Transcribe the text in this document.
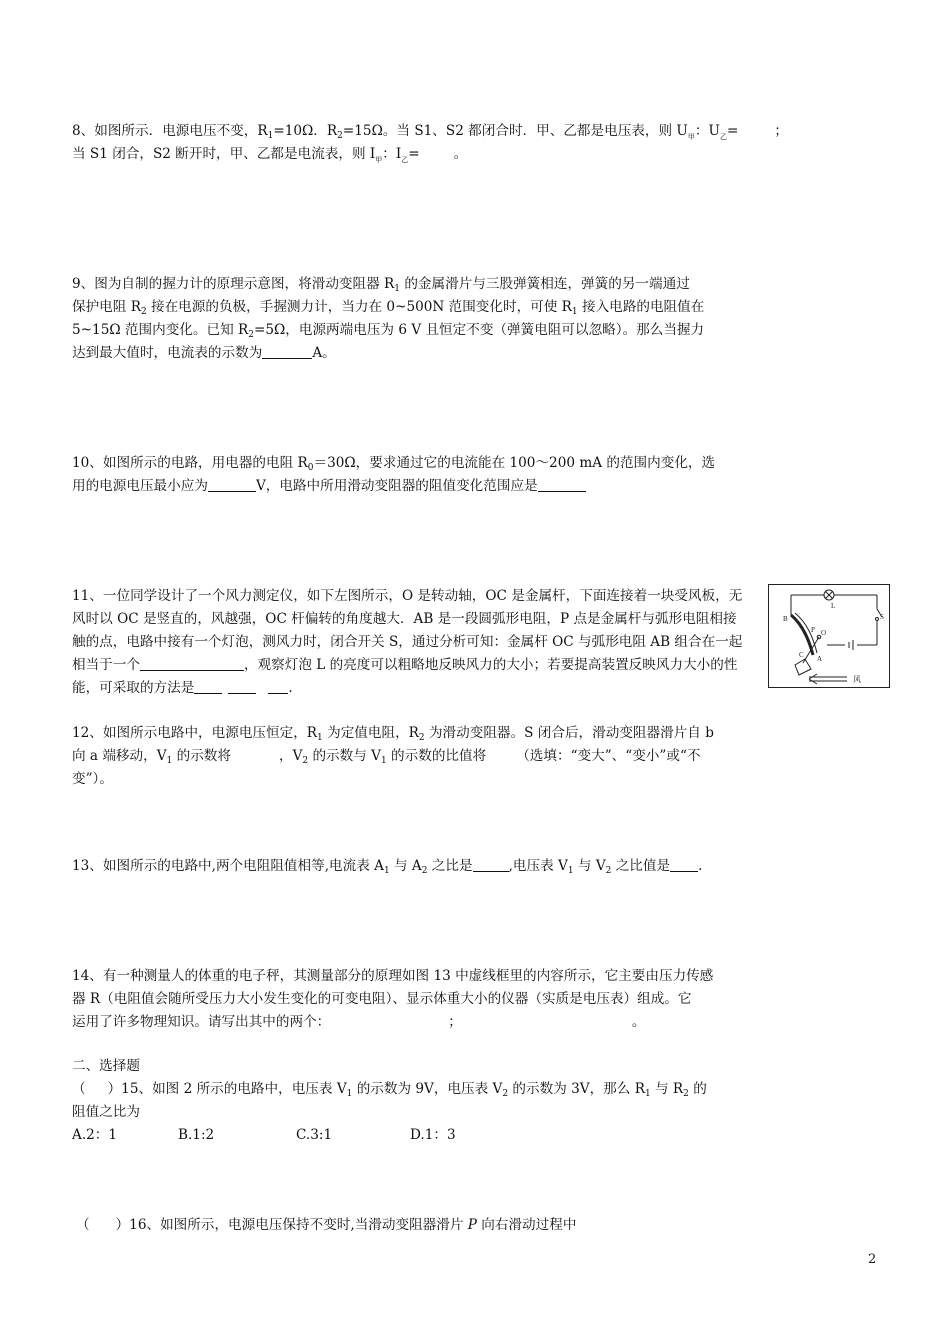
8、如图所示．电源电压不变，$R_1=10\Omega$．$R_2=15\Omega$。当 S1、S2 都闭合时．甲、乙都是电压表，则 $U_甲$：$U_乙=$	；

当 S1 闭合，S2 断开时，甲、乙都是电流表，则 $I_甲$：$I_乙=$	。

9、图为自制的握力计的原理示意图，将滑动变阻器 $R_1$ 的金属滑片与三股弹簧相连，弹簧的另一端通过

保护电阻 $R_2$ 接在电源的负极，手握测力计，当力在 0~500N 范围变化时，可使 $R_1$ 接入电路的电阻值在

5~15Ω 范围内变化。已知 $R_2=5\Omega$，电源两端电压为 6 V 且恒定不变（弹簧电阻可以忽略）。那么当握力

达到最大值时，电流表的示数为	A。

10、如图所示的电路，用电器的电阻 $R_0=30\Omega$，要求通过它的电流能在 100～200 mA 的范围内变化，选

用的电源电压最小应为	V，电路中所用滑动变阻器的阻值变化范围应是

11、一位同学设计了一个风力测定仪，如下左图所示，O 是转动轴，OC 是金属杆，下面连接着一块受风板，无

风时以 OC 是竖直的，风越强，OC 杆偏转的角度越大．AB 是一段圆弧形电阻，P 点是金属杆与弧形电阻相接

触的点，电路中接有一个灯泡，测风力时，闭合开关 S，通过分析可知：金属杆 OC 与弧形电阻 AB 组合在一起

相当于一个	，观察灯泡 L 的亮度可以粗略地反映风力的大小；若要提高装置反映风力大小的性

能，可采取的方法是	.

L
S
B
P O
A
C
风

12、如图所示电路中，电源电压恒定，$R_1$ 为定值电阻，$R_2$ 为滑动变阻器。S 闭合后，滑动变阻器滑片自 b

向 a 端移动，$V_1$ 的示数将	，$V_2$ 的示数与 $V_1$ 的示数的比值将 （选填：“变大”、“变小”或“不

变”）。

13、如图所示的电路中,两个电阻阻值相等,电流表 $A_1$ 与 $A_2$ 之比是	,电压表 $V_1$ 与 $V_2$ 之比值是 .

14、有一种测量人的体重的电子秤，其测量部分的原理如图 13 中虚线框里的内容所示，它主要由压力传感

器 R（电阻值会随所受压力大小发生变化的可变电阻）、显示体重大小的仪器（实质是电压表）组成。它

运用了许多物理知识。请写出其中的两个：	；	。

二、选择题

（ ）15、如图 2 所示的电路中，电压表 $V_1$ 的示数为 9V，电压表 $V_2$ 的示数为 3V，那么 $R_1$ 与 $R_2$ 的

阻值之比为

A.2：1	B.1:2	C.3:1	D.1：3

（ ）16、如图所示，电源电压保持不变时,当滑动变阻器滑片 P 向右滑动过程中

2
